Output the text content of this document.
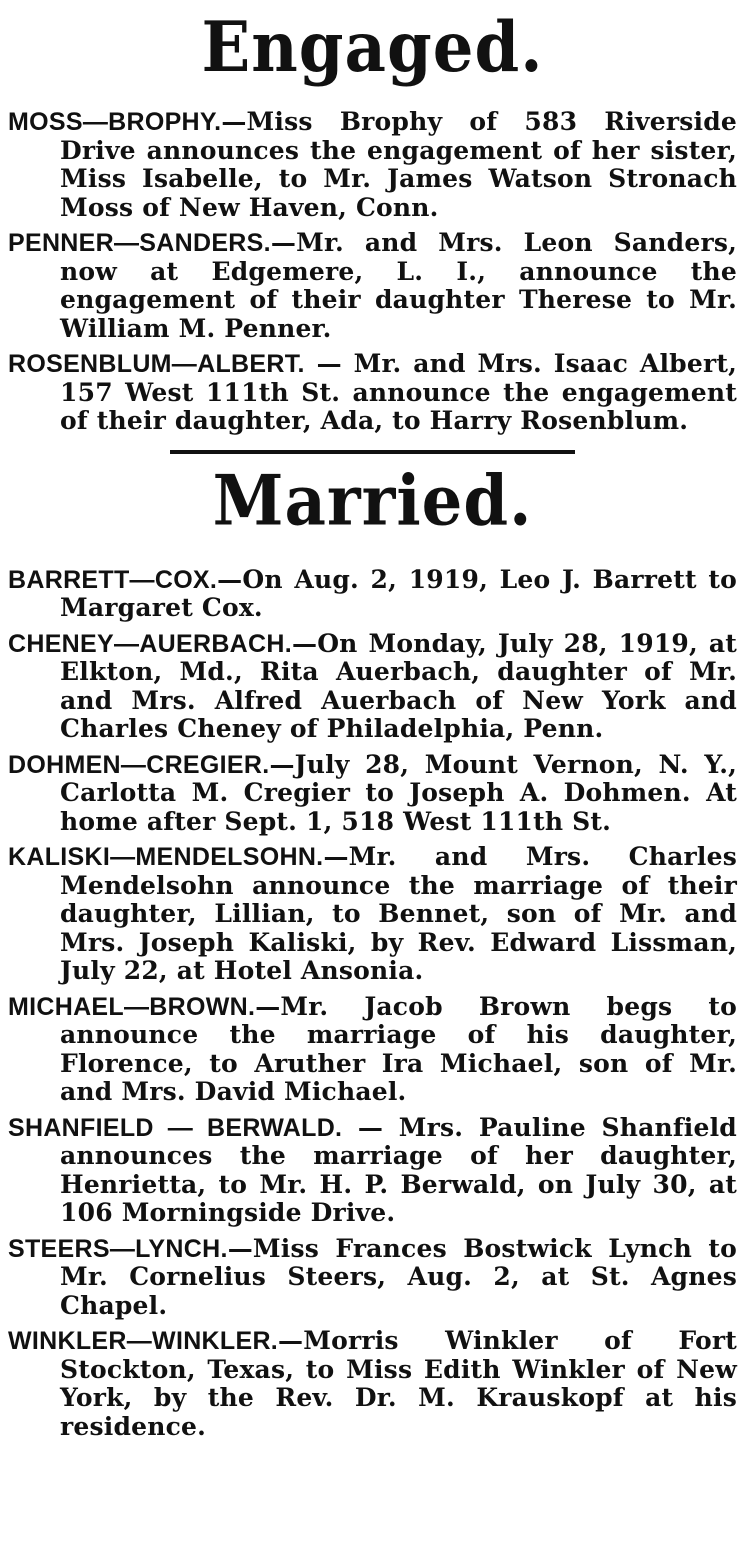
Engaged.

MOSS—BROPHY.—Miss Brophy of 583 Riverside Drive announces the engagement of her sister, Miss Isabelle, to Mr. James Watson Stronach Moss of New Haven, Conn.

PENNER—SANDERS.—Mr. and Mrs. Leon Sanders, now at Edgemere, L. I., announce the engagement of their daughter Therese to Mr. William M. Penner.

ROSENBLUM—ALBERT. — Mr. and Mrs. Isaac Albert, 157 West 111th St. announce the engagement of their daughter, Ada, to Harry Rosenblum.

Married.

BARRETT—COX.—On Aug. 2, 1919, Leo J. Barrett to Margaret Cox.

CHENEY—AUERBACH.—On Monday, July 28, 1919, at Elkton, Md., Rita Auerbach, daughter of Mr. and Mrs. Alfred Auerbach of New York and Charles Cheney of Philadelphia, Penn.

DOHMEN—CREGIER.—July 28, Mount Vernon, N. Y., Carlotta M. Cregier to Joseph A. Dohmen. At home after Sept. 1, 518 West 111th St.

KALISKI—MENDELSOHN.—Mr. and Mrs. Charles Mendelsohn announce the marriage of their daughter, Lillian, to Bennet, son of Mr. and Mrs. Joseph Kaliski, by Rev. Edward Lissman, July 22, at Hotel Ansonia.

MICHAEL—BROWN.—Mr. Jacob Brown begs to announce the marriage of his daughter, Florence, to Aruther Ira Michael, son of Mr. and Mrs. David Michael.

SHANFIELD — BERWALD. — Mrs. Pauline Shanfield announces the marriage of her daughter, Henrietta, to Mr. H. P. Berwald, on July 30, at 106 Morningside Drive.

STEERS—LYNCH.—Miss Frances Bostwick Lynch to Mr. Cornelius Steers, Aug. 2, at St. Agnes Chapel.

WINKLER—WINKLER.—Morris Winkler of Fort Stockton, Texas, to Miss Edith Winkler of New York, by the Rev. Dr. M. Krauskopf at his residence.
